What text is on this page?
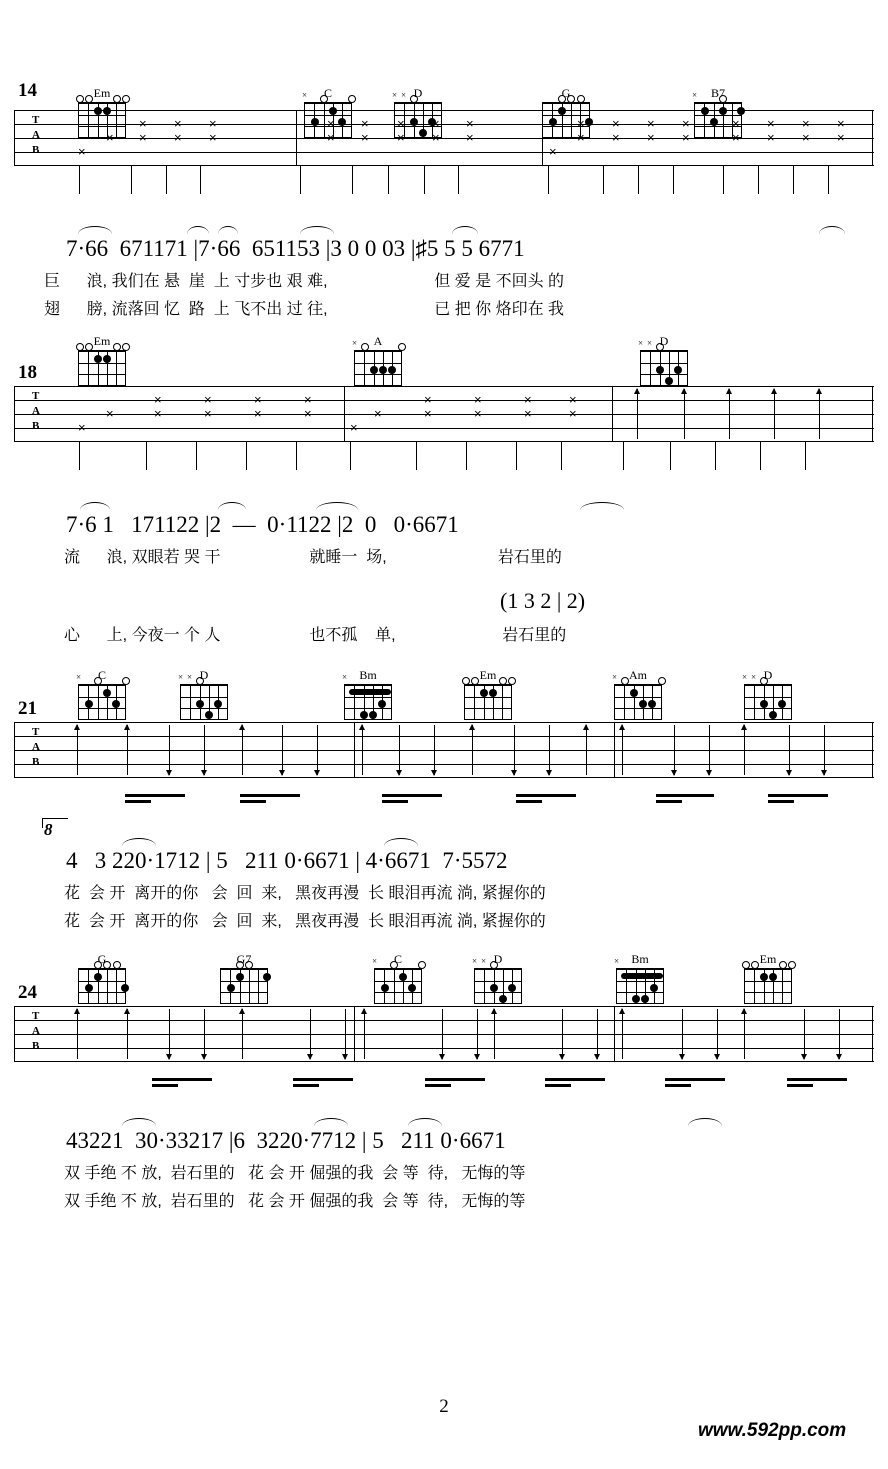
14	Em	C
×	D
× ×	G	B7
×
T
A
B
×
× × ×
× × ×
×
× × × × ×
× × × × ×
× × × ×
× × × ×
×
× × × ×
× × × ×
7·66  671171 |7·66  651153 |3 0 0 03 |♯5 5 5 6771
巨      浪, 我们在 悬  崖  上 寸步也 艰 难,                        但 爱 是 不回头 的
翅      膀, 流落回 忆  路  上 飞不出 过 往,                        已 把 你 烙印在 我
18
Em	A
×	D
× ×
T
A
B
×
×	×	×	×
×	×	×	×
×
×
×	×	×	×
×	×	×	×
×
7·6 1   171122 |2  —  0·1122 |2  0   0·6671
流      浪, 双眼若 哭 干                    就睡一  场,                         岩石里的
(1 3 2 | 2)
心      上, 今夜一 个 人                    也不孤    单,                        岩石里的
21
C
×	D
× ×	Bm
×	Em	Am
×	D
× ×
T
A
B
8
4   3 220·1712 | 5   211 0·6671 | 4·6671  7·5572
花  会 开  离开的你   会  回  来,   黑夜再漫  长 眼泪再流 淌, 紧握你的
花  会 开  离开的你   会  回  来,   黑夜再漫  长 眼泪再流 淌, 紧握你的
24
G	G7	C
×	D
× ×	Bm
×	Em
T
A
B
43221  30·33217 |6  3220·7712 | 5   211 0·6671
双 手绝 不 放,  岩石里的   花 会 开 倔强的我  会 等  待,   无悔的等
双 手绝 不 放,  岩石里的   花 会 开 倔强的我  会 等  待,   无悔的等
2
www.592pp.com
